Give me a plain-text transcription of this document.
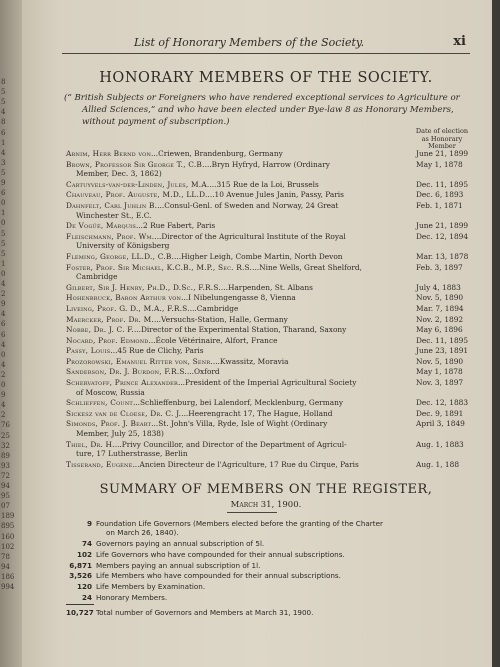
8
5
5
4
8
6
1
4
3
5
9
6
0
1
0
5
5
5
1
0
4
2
9
4
6
6
4
0
4
2
0
9
4
2
76
25
32
89
93
72
94
95
07
189
895
160
102
78
94
186
994
List of Honorary Members of the Society.	xi
HONORARY MEMBERS OF THE SOCIETY.
(“ British Subjects or Foreigners who have rendered exceptional services to Agriculture or
Allied Sciences,” and who have been elected under Bye-law 8 as Honorary Members,
without payment of subscription.)
Date of election
as Honorary
Member
Arnim, Herr Bernd von...Criewen, Brandenburg, Germany	June 21, 1899
Brown, Professor Sir George T., C.B....Bryn Hyfryd, Harrow (Ordinary
Member, Dec. 3, 1862)
May 1, 1878
Cartuyvels-van-der-Linden, Jules, M.A....315 Rue de la Loi, Brussels	Dec. 11, 1895
Chauveau, Prof. Auguste, M.D., LL.D....10 Avenue Jules Janin, Passy, Paris	Dec. 6, 1893
Dahnfelt, Carl Juhlin B....Consul-Genl. of Sweden and Norway, 24 Great
Winchester St., E.C.
Feb. 1, 1871
De Vogüé, Marquis...2 Rue Fabert, Paris	June 21, 1899
Fleischmann, Prof. Wm....Director of the Agricultural Institute of the Royal
University of Königsberg
Dec. 12, 1894
Fleming, George, LL.D., C.B....Higher Leigh, Combe Martin, North Devon	Mar. 13, 1878
Foster, Prof. Sir Michael, K.C.B., M.P., Sec. R.S....Nine Wells, Great Shelford,
Cambridge
Feb. 3, 1897
Gilbert, Sir J. Henry, Ph.D., D.Sc., F.R.S....Harpenden, St. Albans	July 4, 1883
Hohenbruck, Baron Arthur von...I Nibelungengasse 8, Vienna	Nov. 5, 1890
Liveing, Prof. G. D., M.A., F.R.S....Cambridge	Mar. 7, 1894
Maercker, Prof. Dr. M....Versuchs-Station, Halle, Germany	Nov. 2, 1892
Nobbe, Dr. J. C. F....Director of the Experimental Station, Tharand, Saxony	May 6, 1896
Nocard, Prof. Edmond...École Vétérinaire, Alfort, France	Dec. 11, 1895
Passy, Louis...45 Rue de Clichy, Paris	June 23, 1891
Prozorowski, Emanuel Ritter von, Senr....Kwassitz, Moravia	Nov. 5, 1890
Sanderson, Dr. J. Burdon, F.R.S....Oxford	May 1, 1878
Schervatoff, Prince Alexander...President of the Imperial Agricultural Society
of Moscow, Russia
Nov. 3, 1897
Schlieffen, Count...Schlieffenburg, bei Lalendorf, Mecklenburg, Germany	Dec. 12, 1883
Sickesz van de Cloese, Dr. C. J....Heerengracht 17, The Hague, Holland	Dec. 9, 1891
Simonds, Prof. J. Beart...St. John's Villa, Ryde, Isle of Wight (Ordinary
Member, July 25, 1838)
April 3, 1849
Thiel, Dr. H....Privy Councillor, and Director of the Department of Agricul-
ture, 17 Lutherstrasse, Berlin
Aug. 1, 1883
Tisserand, Eugène...Ancien Directeur de l'Agriculture, 17 Rue du Cirque, Paris	Aug. 1, 188
SUMMARY OF MEMBERS ON THE REGISTER,
March 31, 1900.
9 Foundation Life Governors (Members elected before the granting of the Charter
on March 26, 1840).
74 Governors paying an annual subscription of 5l.
102 Life Governors who have compounded for their annual subscriptions.
6,871 Members paying an annual subscription of 1l.
3,526 Life Members who have compounded for their annual subscriptions.
120 Life Members by Examination.
24 Honorary Members.
10,727 Total number of Governors and Members at March 31, 1900.
